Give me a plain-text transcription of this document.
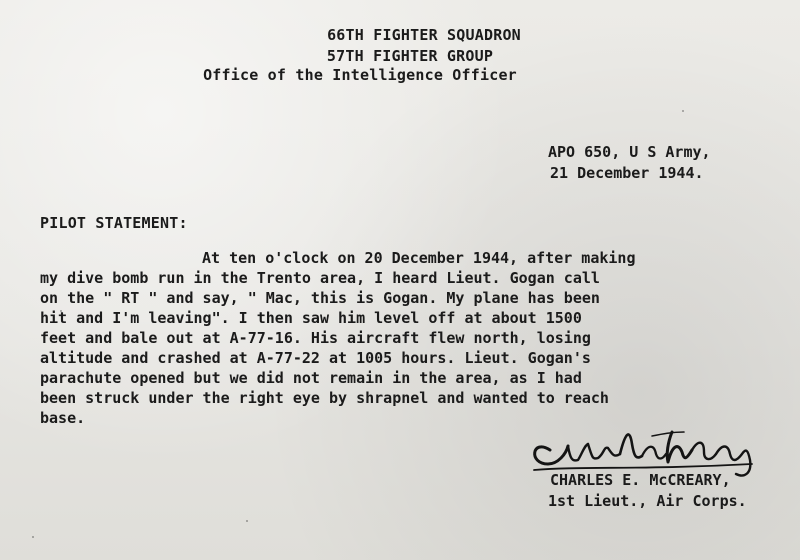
66TH FIGHTER SQUADRON
57TH FIGHTER GROUP
Office of the Intelligence Officer
APO 650, U S Army,
21 December 1944.
PILOT STATEMENT:
At ten o'clock on 20 December 1944, after making
my dive bomb run in the Trento area, I heard Lieut. Gogan call
on the " RT " and say, " Mac, this is Gogan. My plane has been
hit and I'm leaving". I then saw him level off at about 1500
feet and bale out at A-77-16. His aircraft flew north, losing
altitude and crashed at A-77-22 at 1005 hours. Lieut. Gogan's
parachute opened but we did not remain in the area, as I had
been struck under the right eye by shrapnel and wanted to reach
base.
CHARLES E. McCREARY,
1st Lieut., Air Corps.
